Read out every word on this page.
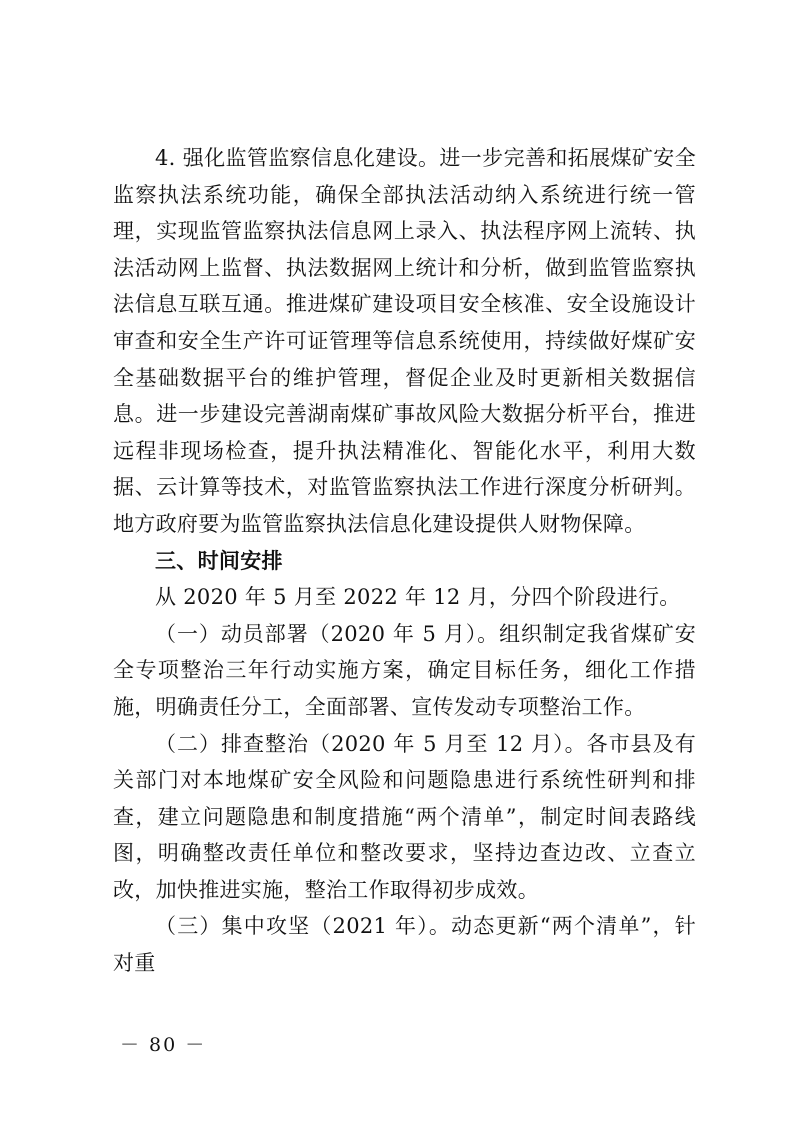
4. 强化监管监察信息化建设。进一步完善和拓展煤矿安全监察执法系统功能，确保全部执法活动纳入系统进行统一管理，实现监管监察执法信息网上录入、执法程序网上流转、执法活动网上监督、执法数据网上统计和分析，做到监管监察执法信息互联互通。推进煤矿建设项目安全核准、安全设施设计审查和安全生产许可证管理等信息系统使用，持续做好煤矿安全基础数据平台的维护管理，督促企业及时更新相关数据信息。进一步建设完善湖南煤矿事故风险大数据分析平台，推进远程非现场检查，提升执法精准化、智能化水平，利用大数据、云计算等技术，对监管监察执法工作进行深度分析研判。地方政府要为监管监察执法信息化建设提供人财物保障。

三、时间安排

从 2020 年 5 月至 2022 年 12 月，分四个阶段进行。

（一）动员部署（2020 年 5 月）。组织制定我省煤矿安全专项整治三年行动实施方案，确定目标任务，细化工作措施，明确责任分工，全面部署、宣传发动专项整治工作。

（二）排查整治（2020 年 5 月至 12 月）。各市县及有关部门对本地煤矿安全风险和问题隐患进行系统性研判和排查，建立问题隐患和制度措施“两个清单”，制定时间表路线图，明确整改责任单位和整改要求，坚持边查边改、立查立改，加快推进实施，整治工作取得初步成效。

（三）集中攻坚（2021 年）。动态更新“两个清单”，针对重

－ 80 －
